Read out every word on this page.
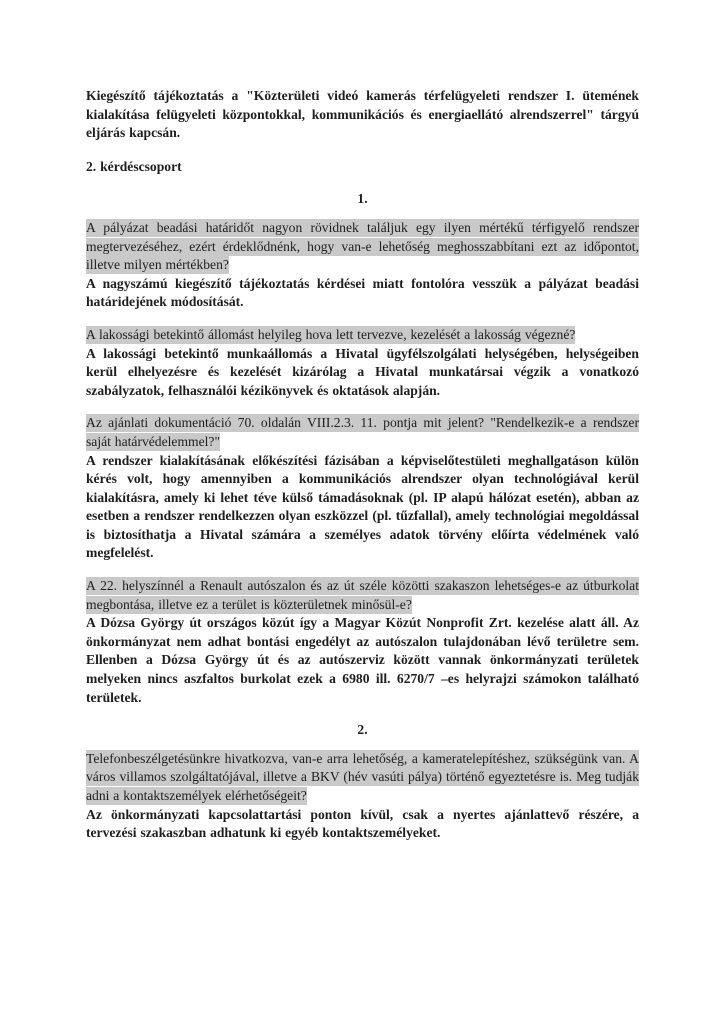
Kiegészítő tájékoztatás a "Közterületi videó kamerás térfelügyeleti rendszer I. ütemének kialakítása felügyeleti központokkal, kommunikációs és energiaellátó alrendszerrel" tárgyú eljárás kapcsán.

2. kérdéscsoport

1.

A pályázat beadási határidőt nagyon rövidnek találjuk egy ilyen mértékű térfigyelő rendszer megtervezéséhez, ezért érdeklődnénk, hogy van-e lehetőség meghosszabbítani ezt az időpontot, illetve milyen mértékben?

A nagyszámú kiegészítő tájékoztatás kérdései miatt fontolóra vesszük a pályázat beadási határidejének módosítását.

A lakossági betekintő állomást helyileg hova lett tervezve, kezelését a lakosság végezné?

A lakossági betekintő munkaállomás a Hivatal ügyfélszolgálati helységében, helységeiben kerül elhelyezésre és kezelését kizárólag a Hivatal munkatársai végzik a vonatkozó szabályzatok, felhasználói kézikönyvek és oktatások alapján.

Az ajánlati dokumentáció 70. oldalán VIII.2.3. 11. pontja mit jelent? "Rendelkezik-e a rendszer saját határvédelemmel?"

A rendszer kialakításának előkészítési fázisában a képviselőtestületi meghallgatáson külön kérés volt, hogy amennyiben a kommunikációs alrendszer olyan technológiával kerül kialakításra, amely ki lehet téve külső támadásoknak (pl. IP alapú hálózat esetén), abban az esetben a rendszer rendelkezzen olyan eszközzel (pl. tűzfallal), amely technológiai megoldással is biztosíthatja a Hivatal számára a személyes adatok törvény előírta védelmének való megfelelést.

A 22. helyszínnél a Renault autószalon és az út széle közötti szakaszon lehetséges-e az útburkolat megbontása, illetve ez a terület is közterületnek minősül-e?

A Dózsa György út országos közút így a Magyar Közút Nonprofit Zrt. kezelése alatt áll. Az önkormányzat nem adhat bontási engedélyt az autószalon tulajdonában lévő területre sem. Ellenben a Dózsa György út és az autószerviz között vannak önkormányzati területek melyeken nincs aszfaltos burkolat ezek a 6980 ill. 6270/7 –es helyrajzi számokon található területek.

2.

Telefonbeszélgetésünkre hivatkozva, van-e arra lehetőség, a kameratelepítéshez, szükségünk van. A város villamos szolgáltatójával, illetve a BKV (hév vasúti pálya) történő egyeztetésre is. Meg tudják adni a kontaktszemélyek elérhetőségeit?

Az önkormányzati kapcsolattartási ponton kívül, csak a nyertes ajánlattevő részére, a tervezési szakaszban adhatunk ki egyéb kontaktszemélyeket.
